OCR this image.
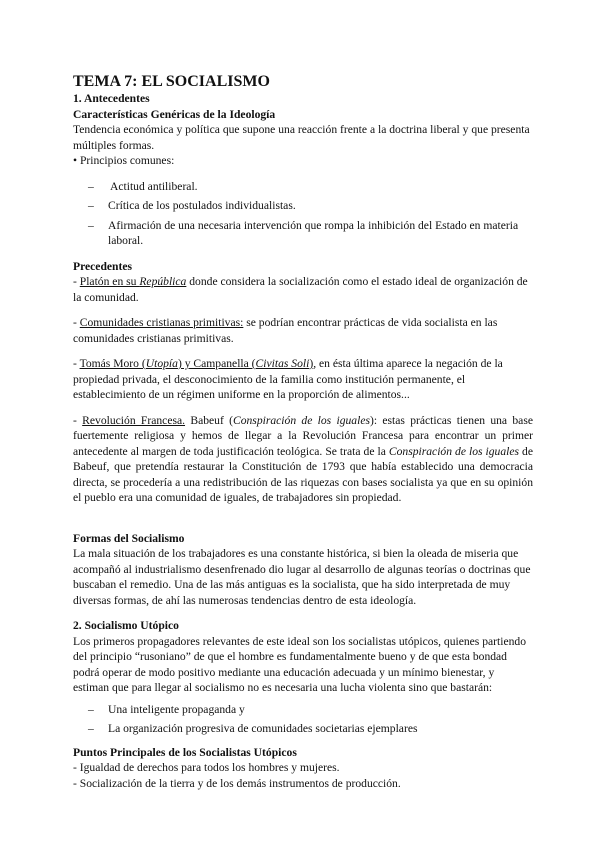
TEMA 7: EL SOCIALISMO
1. Antecedentes
Características Genéricas de la Ideología

Tendencia económica y política que supone una reacción frente a la doctrina liberal y que presenta múltiples formas.

• Principios comunes:

– Actitud antiliberal.
– Crítica de los postulados individualistas.
– Afirmación de una necesaria intervención que rompa la inhibición del Estado en materia laboral.
Precedentes

- Platón en su República donde considera la socialización como el estado ideal de organización de la comunidad.

- Comunidades cristianas primitivas: se podrían encontrar prácticas de vida socialista en las comunidades cristianas primitivas.

- Tomás Moro (Utopía) y Campanella (Civitas Soli), en ésta última aparece la negación de la propiedad privada, el desconocimiento de la familia como institución permanente, el establecimiento de un régimen uniforme en la proporción de alimentos...

- Revolución Francesa. Babeuf (Conspiración de los iguales): estas prácticas tienen una base fuertemente religiosa y hemos de llegar a la Revolución Francesa para encontrar un primer antecedente al margen de toda justificación teológica. Se trata de la Conspiración de los iguales de Babeuf, que pretendía restaurar la Constitución de 1793 que había establecido una democracia directa, se procedería a una redistribución de las riquezas con bases socialista ya que en su opinión el pueblo era una comunidad de iguales, de trabajadores sin propiedad.

Formas del Socialismo

La mala situación de los trabajadores es una constante histórica, si bien la oleada de miseria que acompañó al industrialismo desenfrenado dio lugar al desarrollo de algunas teorías o doctrinas que buscaban el remedio. Una de las más antiguas es la socialista, que ha sido interpretada de muy diversas formas, de ahí las numerosas tendencias dentro de esta ideología.

2. Socialismo Utópico

Los primeros propagadores relevantes de este ideal son los socialistas utópicos, quienes partiendo del principio “rusoniano” de que el hombre es fundamentalmente bueno y de que esta bondad podrá operar de modo positivo mediante una educación adecuada y un mínimo bienestar, y estiman que para llegar al socialismo no es necesaria una lucha violenta sino que bastarán:

– Una inteligente propaganda y
– La organización progresiva de comunidades societarias ejemplares
Puntos Principales de los Socialistas Utópicos
- Igualdad de derechos para todos los hombres y mujeres.
- Socialización de la tierra y de los demás instrumentos de producción.
